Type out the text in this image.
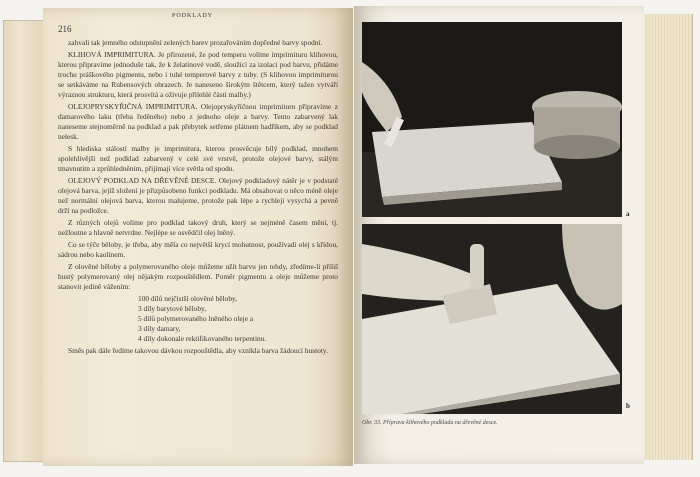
216
PODKLADY

zahvali tak jemného odstupnění zelených barev prozařováním dopředné barvy spodní.

KLIHOVÁ IMPRIMITURA. Je přirozené, že pod temperu volíme imprimituru klihovou, kterou připravíme jednoduše tak, že k želatinové vodě, sloužící za izolaci pod barvu, přidáme trochu práškového pigmentu, nebo i tuhé temperové barvy z tuby. (S klihovou imprimiturou se setkáváme na Rubensových obrazech. Je naneseno širokým štětcem, který tažen vytváří výraznou strukturu, která prosvítá a oživuje přilehlé části malby.)

OLEJOPRYSKYŘIČNÁ IMPRIMITURA. Olejopryskyřičnou imprimituru připravíme z damarového laku (třeba ředěného) nebo z jednoho oleje a barvy. Tento zabarvený lak naneseme stejnoměrně na podklad a pak přebytek setřeme plátnem hadříkem, aby se podklad nelesk.

S hlediska stálosti malby je imprimitura, kterou prosvěcuje bílý podklad, mnohem spolehlivější než podklad zabarvený v celé své vrstvě, protože olejové barvy, stálým tmavnutím a zprůhledněním, přijímají více světla od spodu.

OLEJOVÝ PODKLAD NA DŘEVĚNÉ DESCE. Olejový podkladový nátěr je v podstatě olejová barva, jejíž složení je přizpůsobeno funkci podkladu. Má obsahovat o něco méně oleje než normální olejová barva, kterou malujeme, protože pak lépe a rychleji vysychá a pevně drží na podložce.

Z různých olejů volíme pro podklad takový druh, který se nejméně časem mění, tj. nežloutne a hlavně netvrdne. Nejlépe se osvědčil olej lněný.

Co se týče běloby, je třeba, aby měla co největší krycí mohutnost, používadí olej s křídou, sádrou nebo kaolínem.

Z olověné běloby a polymerovaného oleje můžeme užít barvu jen tehdy, zředíme-li příliš hustý polymerovaný olej nějakým rozpouštědlem. Poměr pigmentu a oleje můžeme proto stanovit jedině vážením:

100 dílů nejčistší olověné běloby,
3 díly barytové běloby,
5 dílů polymerovaného lněného oleje a
3 díly damary,
4 díly dokonale rektifikovaného terpentinu.

Směs pak dále ředíme takovou dávkou rozpouštědla, aby vznikla barva žádoucí hustoty.

a
b
Obr. 33. Příprava klihového podkladu na dřevěné desce.
